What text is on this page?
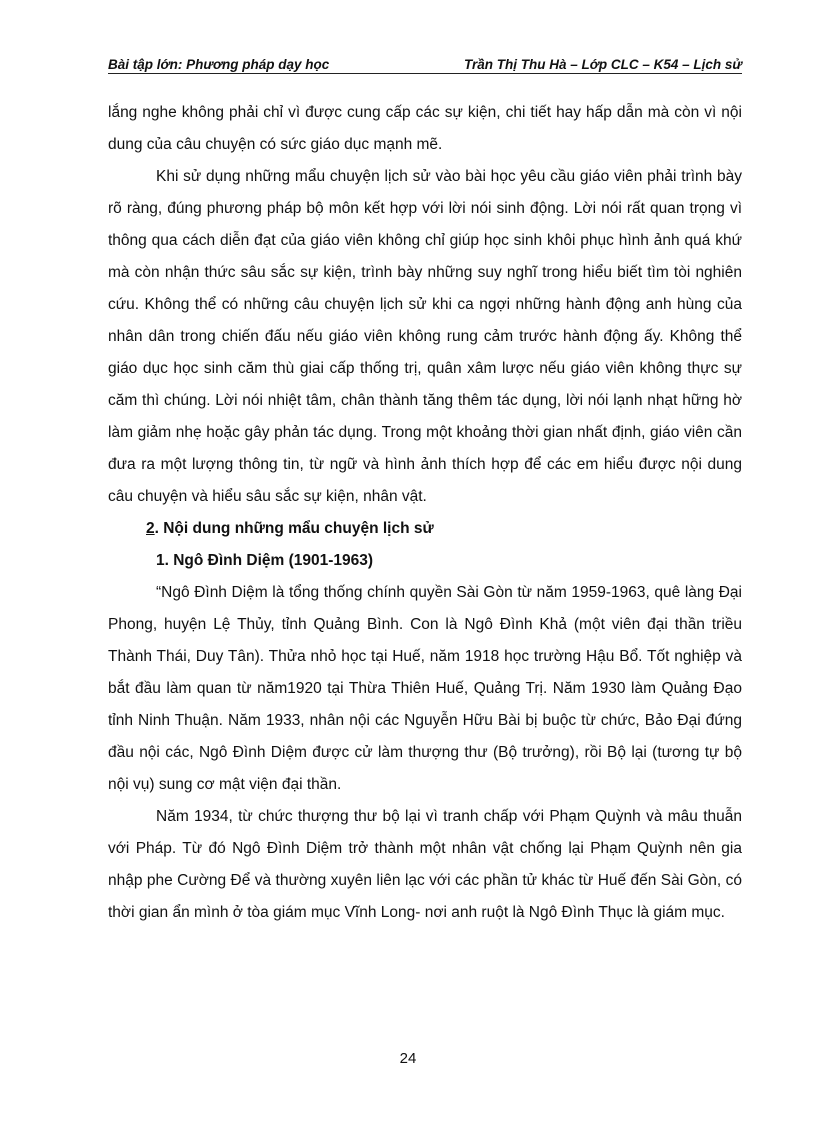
Bài tập lớn: Phương pháp dạy học	Trần Thị Thu Hà – Lớp CLC – K54 – Lịch sử

lắng nghe không phải chỉ vì được cung cấp các sự kiện, chi tiết hay hấp dẫn mà còn vì nội dung của câu chuyện có sức giáo dục mạnh mẽ.

Khi sử dụng những mẩu chuyện lịch sử vào bài học yêu cầu giáo viên phải trình bày rõ ràng, đúng phương pháp bộ môn kết hợp với lời nói sinh động. Lời nói rất quan trọng vì thông qua cách diễn đạt của giáo viên không chỉ giúp học sinh khôi phục hình ảnh quá khứ mà còn nhận thức sâu sắc sự kiện, trình bày những suy nghĩ trong hiểu biết tìm tòi nghiên cứu. Không thể có những câu chuyện lịch sử khi ca ngợi những hành động anh hùng của nhân dân trong chiến đấu nếu giáo viên không rung cảm trước hành động ấy. Không thể giáo dục học sinh căm thù giai cấp thống trị, quân xâm lược nếu giáo viên không thực sự căm thì chúng. Lời nói nhiệt tâm, chân thành tăng thêm tác dụng, lời nói lạnh nhạt hững hờ làm giảm nhẹ hoặc gây phản tác dụng. Trong một khoảng thời gian nhất định, giáo viên cần đưa ra một lượng thông tin, từ ngữ và hình ảnh thích hợp để các em hiểu được nội dung câu chuyện và hiểu sâu sắc sự kiện, nhân vật.

2. Nội dung những mẩu chuyện lịch sử

1. Ngô Đình Diệm (1901-1963)

“Ngô Đình Diệm là tổng thống chính quyền Sài Gòn từ năm 1959-1963, quê làng Đại Phong, huyện Lệ Thủy, tỉnh Quảng Bình. Con là Ngô Đình Khả (một viên đại thần triều Thành Thái, Duy Tân). Thửa nhỏ học tại Huế, năm 1918 học trường Hậu Bổ. Tốt nghiệp và bắt đầu làm quan từ năm1920 tại Thừa Thiên Huế, Quảng Trị. Năm 1930 làm Quảng Đạo tỉnh Ninh Thuận. Năm 1933, nhân nội các Nguyễn Hữu Bài bị buộc từ chức, Bảo Đại đứng đầu nội các, Ngô Đình Diệm được cử làm thượng thư (Bộ trưởng), rồi Bộ lại (tương tự bộ nội vụ) sung cơ mật viện đại thần.

Năm 1934, từ chức thượng thư bộ lại vì tranh chấp với Phạm Quỳnh và mâu thuẫn với Pháp. Từ đó Ngô Đình Diệm trở thành một nhân vật chống lại Phạm Quỳnh nên gia nhập phe Cường Để và thường xuyên liên lạc với các phần tử khác từ Huế đến Sài Gòn, có thời gian ẩn mình ở tòa giám mục Vĩnh Long- nơi anh ruột là Ngô Đình Thục là giám mục.

24
